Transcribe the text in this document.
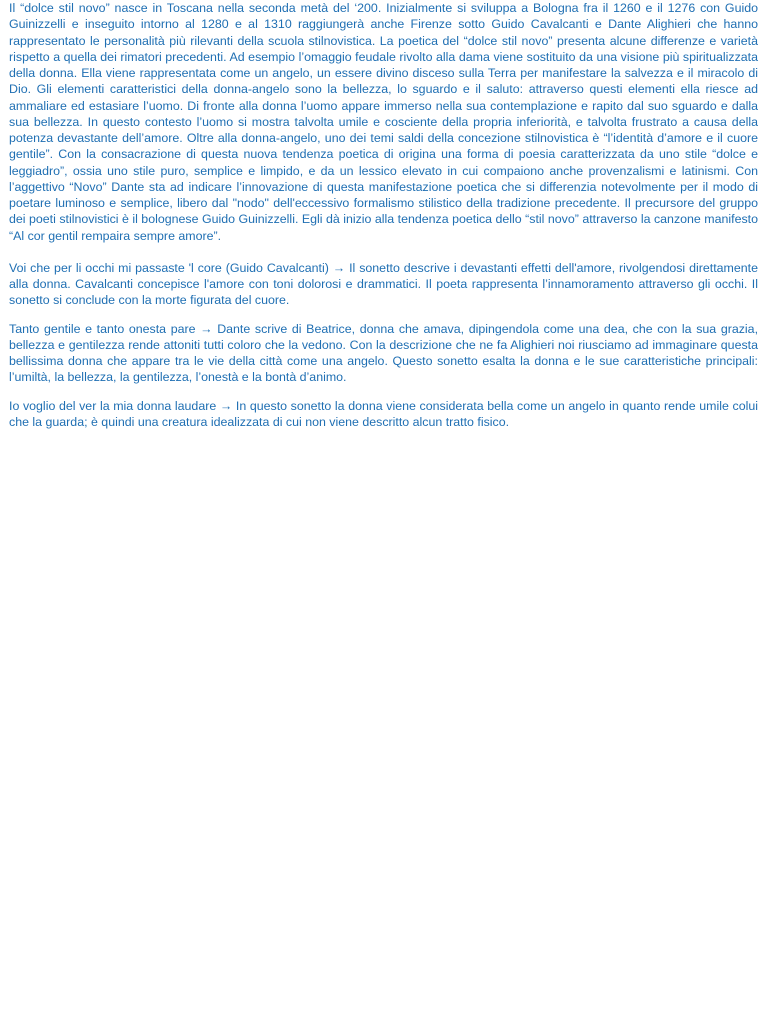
Il “dolce stil novo” nasce in Toscana nella seconda metà del ‘200. Inizialmente si sviluppa a Bologna fra il 1260 e il 1276 con Guido Guinizzelli e inseguito intorno al 1280 e al 1310 raggiungerà anche Firenze sotto Guido Cavalcanti e Dante Alighieri che hanno rappresentato le personalità più rilevanti della scuola stilnovistica. La poetica del “dolce stil novo” presenta alcune differenze e varietà rispetto a quella dei rimatori precedenti. Ad esempio l’omaggio feudale rivolto alla dama viene sostituito da una visione più spiritualizzata della donna. Ella viene rappresentata come un angelo, un essere divino disceso sulla Terra per manifestare la salvezza e il miracolo di Dio. Gli elementi caratteristici della donna-angelo sono la bellezza, lo sguardo e il saluto: attraverso questi elementi ella riesce ad ammaliare ed estasiare l’uomo. Di fronte alla donna l’uomo appare immerso nella sua contemplazione e rapito dal suo sguardo e dalla sua bellezza. In questo contesto l’uomo si mostra talvolta umile e cosciente della propria inferiorità, e talvolta frustrato a causa della potenza devastante dell’amore. Oltre alla donna-angelo, uno dei temi saldi della concezione stilnovistica è “l’identità d’amore e il cuore gentile”. Con la consacrazione di questa nuova tendenza poetica di origina una forma di poesia caratterizzata da uno stile “dolce e leggiadro”, ossia uno stile puro, semplice e limpido, e da un lessico elevato in cui compaiono anche provenzalismi e latinismi. Con l’aggettivo “Novo” Dante sta ad indicare l’innovazione di questa manifestazione poetica che si differenzia notevolmente per il modo di poetare luminoso e semplice, libero dal "nodo" dell'eccessivo formalismo stilistico della tradizione precedente. Il precursore del gruppo dei poeti stilnovistici è il bolognese Guido Guinizzelli. Egli dà inizio alla tendenza poetica dello “stil novo” attraverso la canzone manifesto “Al cor gentil rempaira sempre amore”.

Voi che per li occhi mi passaste 'l core (Guido Cavalcanti) → Il sonetto descrive i devastanti effetti dell'amore, rivolgendosi direttamente alla donna. Cavalcanti concepisce l'amore con toni dolorosi e drammatici. Il poeta rappresenta l’innamoramento attraverso gli occhi. Il sonetto si conclude con la morte figurata del cuore.

Tanto gentile e tanto onesta pare → Dante scrive di Beatrice, donna che amava, dipingendola come una dea, che con la sua grazia, bellezza e gentilezza rende attoniti tutti coloro che la vedono. Con la descrizione che ne fa Alighieri noi riusciamo ad immaginare questa bellissima donna che appare tra le vie della città come una angelo. Questo sonetto esalta la donna e le sue caratteristiche principali: l’umiltà, la bellezza, la gentilezza, l’onestà e la bontà d’animo.

Io voglio del ver la mia donna laudare → In questo sonetto la donna viene considerata bella come un angelo in quanto rende umile colui che la guarda; è quindi una creatura idealizzata di cui non viene descritto alcun tratto fisico.
